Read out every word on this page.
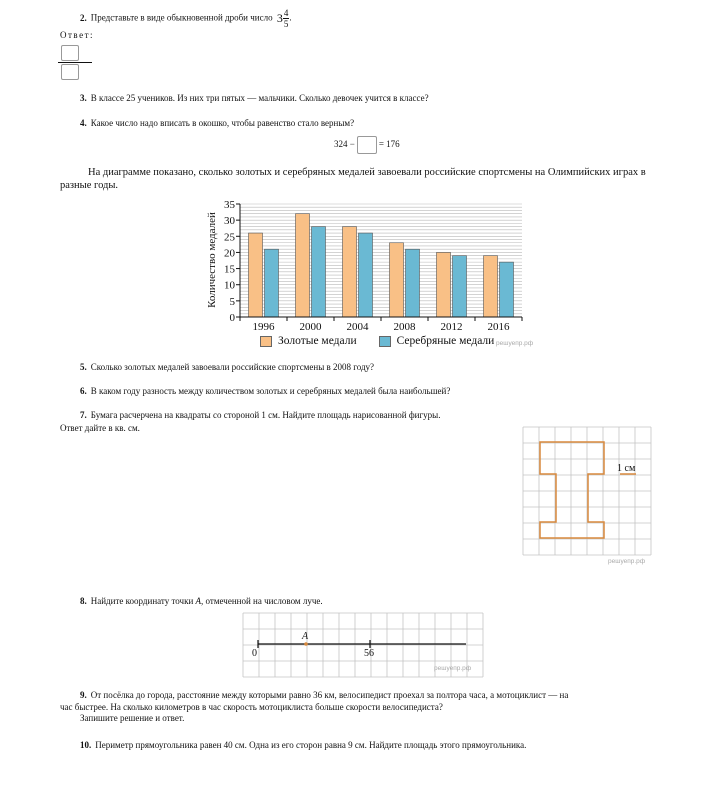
2. Представьте в виде обыкновенной дроби число $3 \frac{4}{5}$ .
Ответ:
3. В классе 25 учеников. Из них три пятых — мальчики. Сколько девочек учится в классе?
4. Какое число надо вписать в окошко, чтобы равенство стало верным?
324 −	= 176
На диаграмме показано, сколько золотых и серебряных медалей завоевали российские спортсмены на Олимпийских играх в разные годы.
0
5
10
15
20
25
30
35
1996 2000 2004 2008 2012 2016
Количество медалей
Золотые медали	Серебряные медали решуепр.рф
5. Сколько золотых медалей завоевали российские спортсмены в 2008 году?
6. В каком году разность между количеством золотых и серебряных медалей была наибольшей?
7. Бумага расчерчена на квадраты со стороной 1 см. Найдите площадь нарисованной фигуры.
Ответ дайте в кв. см.
1 см
решуепр.рф
8. Найдите координату точки A, отмеченной на числовом луче.
A
0	56
решуепр.рф
9. От посёлка до города, расстояние между которыми равно 36 км, велосипедист проехал за полтора часа, а мотоциклист — на
час быстрее. На сколько километров в час скорость мотоциклиста больше скорости велосипедиста?
Запишите решение и ответ.
10. Периметр прямоугольника равен 40 см. Одна из его сторон равна 9 см. Найдите площадь этого прямоугольника.
